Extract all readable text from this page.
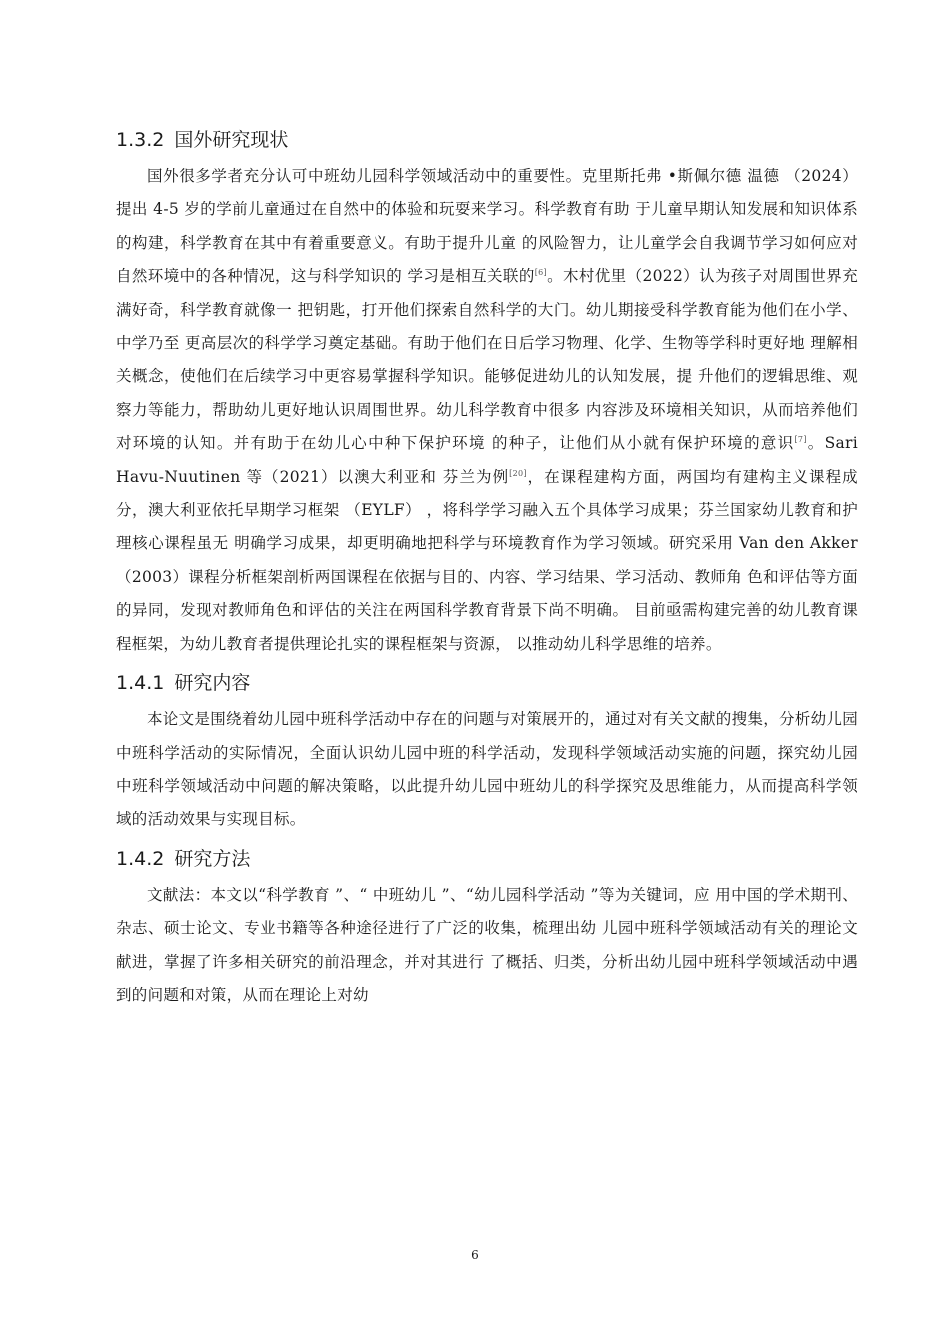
1.3.2 国外研究现状

国外很多学者充分认可中班幼儿园科学领域活动中的重要性。克里斯托弗 •斯佩尔德 温德 （2024）提出 4-5 岁的学前儿童通过在自然中的体验和玩耍来学习。科学教育有助 于儿童早期认知发展和知识体系的构建，科学教育在其中有着重要意义。有助于提升儿童 的风险智力，让儿童学会自我调节学习如何应对自然环境中的各种情况，这与科学知识的 学习是相互关联的[6]。木村优里（2022）认为孩子对周围世界充满好奇，科学教育就像一 把钥匙，打开他们探索自然科学的大门。幼儿期接受科学教育能为他们在小学、中学乃至 更高层次的科学学习奠定基础。有助于他们在日后学习物理、化学、生物等学科时更好地 理解相关概念，使他们在后续学习中更容易掌握科学知识。能够促进幼儿的认知发展，提 升他们的逻辑思维、观察力等能力，帮助幼儿更好地认识周围世界。幼儿科学教育中很多 内容涉及环境相关知识，从而培养他们对环境的认知。并有助于在幼儿心中种下保护环境 的种子，让他们从小就有保护环境的意识[7]。Sari Havu-Nuutinen 等（2021）以澳大利亚和 芬兰为例[20]，在课程建构方面，两国均有建构主义课程成分，澳大利亚依托早期学习框架 （EYLF） ，将科学学习融入五个具体学习成果；芬兰国家幼儿教育和护理核心课程虽无 明确学习成果，却更明确地把科学与环境教育作为学习领域。研究采用 Van den Akker（2003）课程分析框架剖析两国课程在依据与目的、内容、学习结果、学习活动、教师角 色和评估等方面的异同，发现对教师角色和评估的关注在两国科学教育背景下尚不明确。 目前亟需构建完善的幼儿教育课程框架，为幼儿教育者提供理论扎实的课程框架与资源， 以推动幼儿科学思维的培养。

1.4.1 研究内容

本论文是围绕着幼儿园中班科学活动中存在的问题与对策展开的，通过对有关文献的搜集，分析幼儿园中班科学活动的实际情况，全面认识幼儿园中班的科学活动，发现科学领域活动实施的问题，探究幼儿园中班科学领域活动中问题的解决策略，以此提升幼儿园中班幼儿的科学探究及思维能力，从而提高科学领域的活动效果与实现目标。

1.4.2 研究方法

文献法：本文以“科学教育 ”、“ 中班幼儿 ”、“幼儿园科学活动 ”等为关键词，应 用中国的学术期刊、杂志、硕士论文、专业书籍等各种途径进行了广泛的收集，梳理出幼 儿园中班科学领域活动有关的理论文献进，掌握了许多相关研究的前沿理念，并对其进行 了概括、归类，分析出幼儿园中班科学领域活动中遇到的问题和对策，从而在理论上对幼

6
